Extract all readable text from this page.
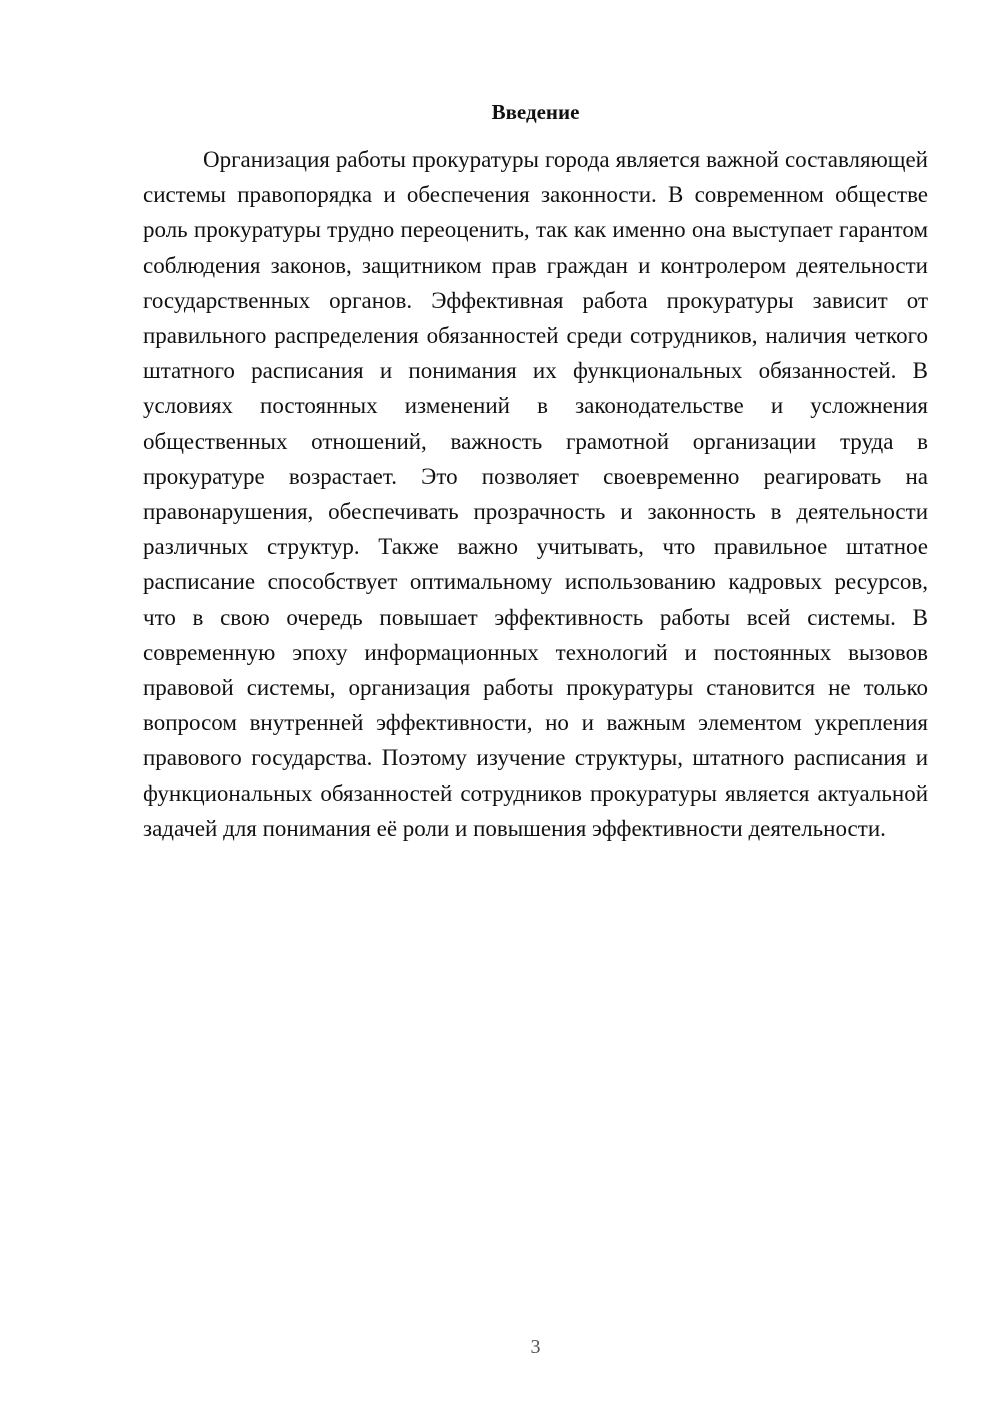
Введение

Организация работы прокуратуры города является важной составляющей системы правопорядка и обеспечения законности. В современном обществе роль прокуратуры трудно переоценить, так как именно она выступает гарантом соблюдения законов, защитником прав граждан и контролером деятельности государственных органов. Эффективная работа прокуратуры зависит от правильного распределения обязанностей среди сотрудников, наличия четкого штатного расписания и понимания их функциональных обязанностей. В условиях постоянных изменений в законодательстве и усложнения общественных отношений, важность грамотной организации труда в прокуратуре возрастает. Это позволяет своевременно реагировать на правонарушения, обеспечивать прозрачность и законность в деятельности различных структур. Также важно учитывать, что правильное штатное расписание способствует оптимальному использованию кадровых ресурсов, что в свою очередь повышает эффективность работы всей системы. В современную эпоху информационных технологий и постоянных вызовов правовой системы, организация работы прокуратуры становится не только вопросом внутренней эффективности, но и важным элементом укрепления правового государства. Поэтому изучение структуры, штатного расписания и функциональных обязанностей сотрудников прокуратуры является актуальной задачей для понимания её роли и повышения эффективности деятельности.

3
